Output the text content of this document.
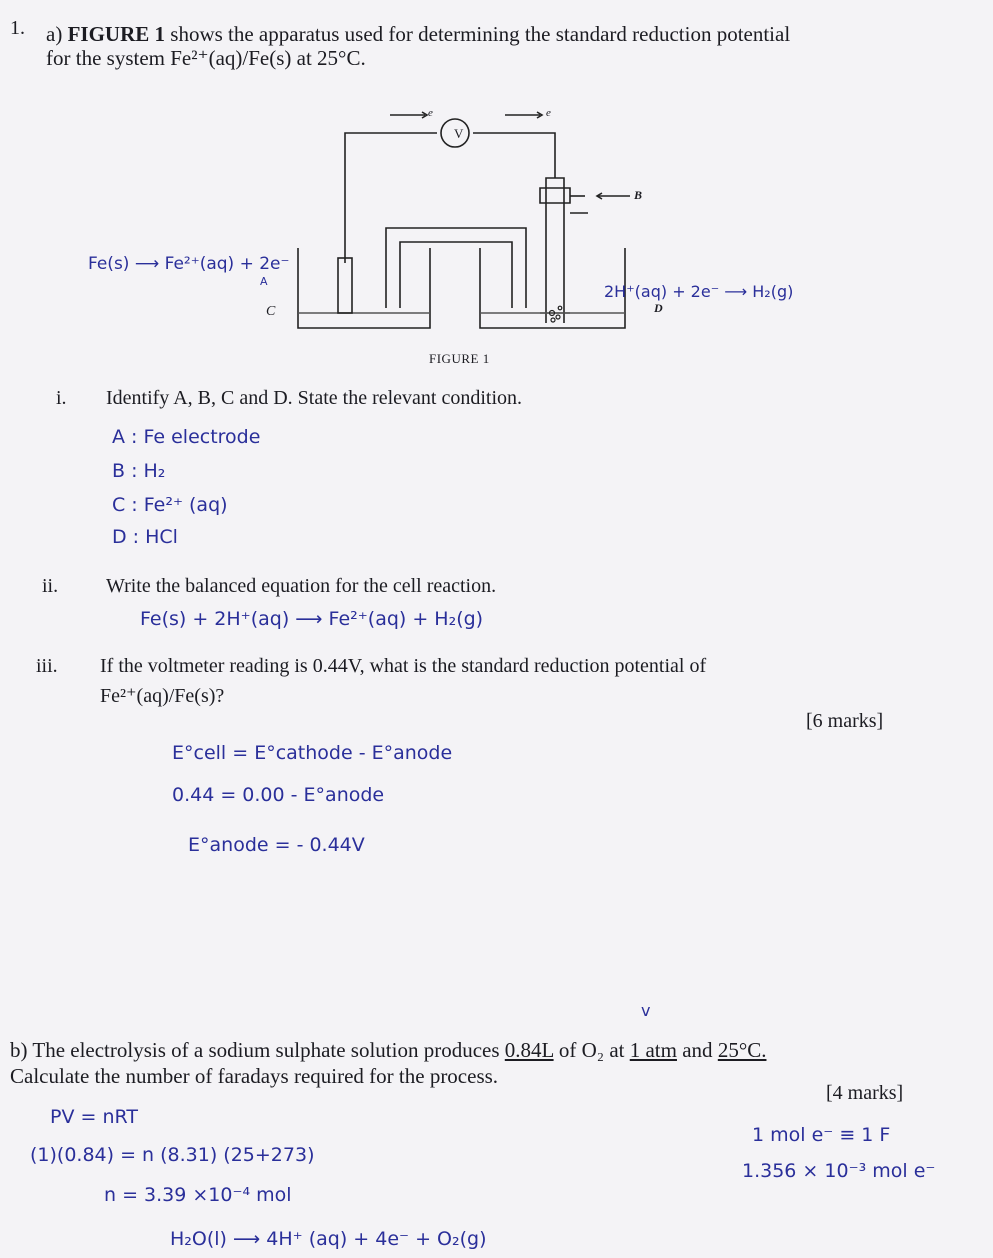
1. a) FIGURE 1 shows the apparatus used for determining the standard reduction potential
for the system Fe²⁺(aq)/Fe(s) at 25°C.
V
e	e
B
C	D
Fe(s) ⟶ Fe²⁺(aq) + 2e⁻
A
2H⁺(aq) + 2e⁻ ⟶ H₂(g)
FIGURE 1
i. Identify A, B, C and D. State the relevant condition.
A : Fe electrode
B : H₂
C : Fe²⁺ (aq)
D : HCl
ii. Write the balanced equation for the cell reaction.
Fe(s) + 2H⁺(aq) ⟶ Fe²⁺(aq) + H₂(g)
iii. If the voltmeter reading is 0.44V, what is the standard reduction potential of
Fe²⁺(aq)/Fe(s)?
[6 marks]
E°cell = E°cathode - E°anode
0.44 = 0.00 - E°anode
E°anode = - 0.44V
v
b) The electrolysis of a sodium sulphate solution produces 0.84L of O₂ at 1 atm and 25°C.
Calculate the number of faradays required for the process.
[4 marks]
PV = nRT
(1)(0.84) = n (8.31) (25+273)
n = 3.39 ×10⁻⁴ mol
H₂O(l) ⟶ 4H⁺ (aq) + 4e⁻ + O₂(g)
1 mol e⁻ ≡ 1 F
1.356 × 10⁻³ mol e⁻
